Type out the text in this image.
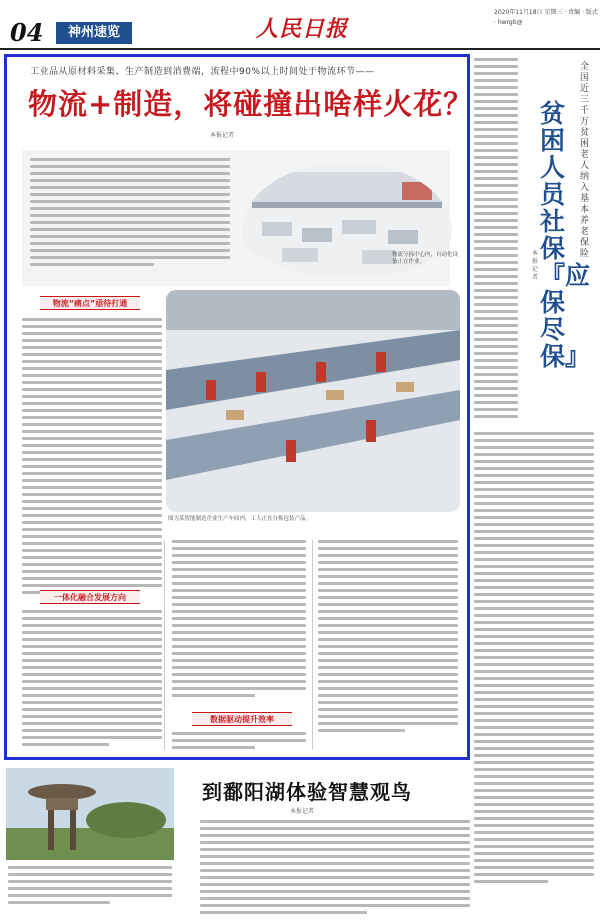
04	神州速览	人民日报
2020年11月18日 星期三 · 责编 · 版式 · hwrgb@
工业品从原材料采集、生产制造到消费端，流程中90%以上时间处于物流环节——
物流+制造，将碰撞出啥样火花？
本报记者
物流分拣中心内，自动化设备正在作业。
物流“痛点”亟待打通
图为某智能制造企业生产车间内，工人正在分拣包装产品。
一体化融合发展方向
数据驱动提升效率
全国近三千万贫困老人纳入基本养老保险
贫困人员社保『应保尽保』
本报记者
到鄱阳湖体验智慧观鸟
本报记者
